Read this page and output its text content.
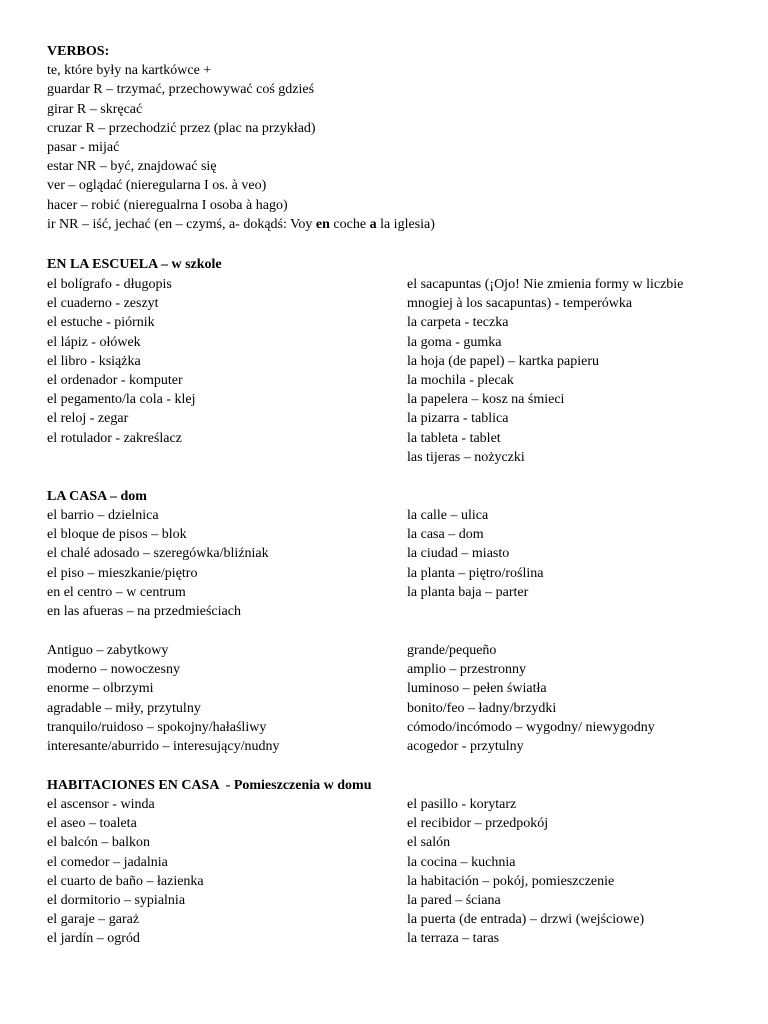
VERBOS:
te, które były na kartkówce +
guardar R – trzymać, przechowywać coś gdzieś
girar R – skręcać
cruzar R – przechodzić przez (plac na przykład)
pasar - mijać
estar NR – być, znajdować się
ver – oglądać (nieregularna I os. à veo)
hacer – robić (nieregualrna I osoba à hago)
ir NR – iść, jechać (en – czymś, a- dokądś: Voy en coche a la iglesia)
EN LA ESCUELA – w szkole
el bolígrafo - długopis
el cuaderno - zeszyt
el estuche - piórnik
el lápiz - ołówek
el libro - książka
el ordenador - komputer
el pegamento/la cola - klej
el reloj - zegar
el rotulador - zakreślacz
el sacapuntas (¡Ojo! Nie zmienia formy w liczbie
mnogiej à los sacapuntas) - temperówka
la carpeta - teczka
la goma - gumka
la hoja (de papel) – kartka papieru
la mochila - plecak
la papelera – kosz na śmieci
la pizarra - tablica
la tableta - tablet
las tijeras – nożyczki
LA CASA – dom
el barrio – dzielnica
el bloque de pisos – blok
el chalé adosado – szeregówka/bliźniak
el piso – mieszkanie/piętro
en el centro – w centrum
en las afueras – na przedmieściach
la calle – ulica
la casa – dom
la ciudad – miasto
la planta – piętro/roślina
la planta baja – parter
Antiguo – zabytkowy
moderno – nowoczesny
enorme – olbrzymi
agradable – miły, przytulny
tranquilo/ruidoso – spokojny/hałaśliwy
interesante/aburrido – interesujący/nudny
grande/pequeño
amplio – przestronny
luminoso – pełen światła
bonito/feo – ładny/brzydki
cómodo/incómodo – wygodny/ niewygodny
acogedor - przytulny
HABITACIONES EN CASA  - Pomieszczenia w domu
el ascensor - winda
el aseo – toaleta
el balcón – balkon
el comedor – jadalnia
el cuarto de baño – łazienka
el dormitorio – sypialnia
el garaje – garaż
el jardín – ogród
el pasillo - korytarz
el recibidor – przedpokój
el salón
la cocina – kuchnia
la habitación – pokój, pomieszczenie
la pared – ściana
la puerta (de entrada) – drzwi (wejściowe)
la terraza – taras
